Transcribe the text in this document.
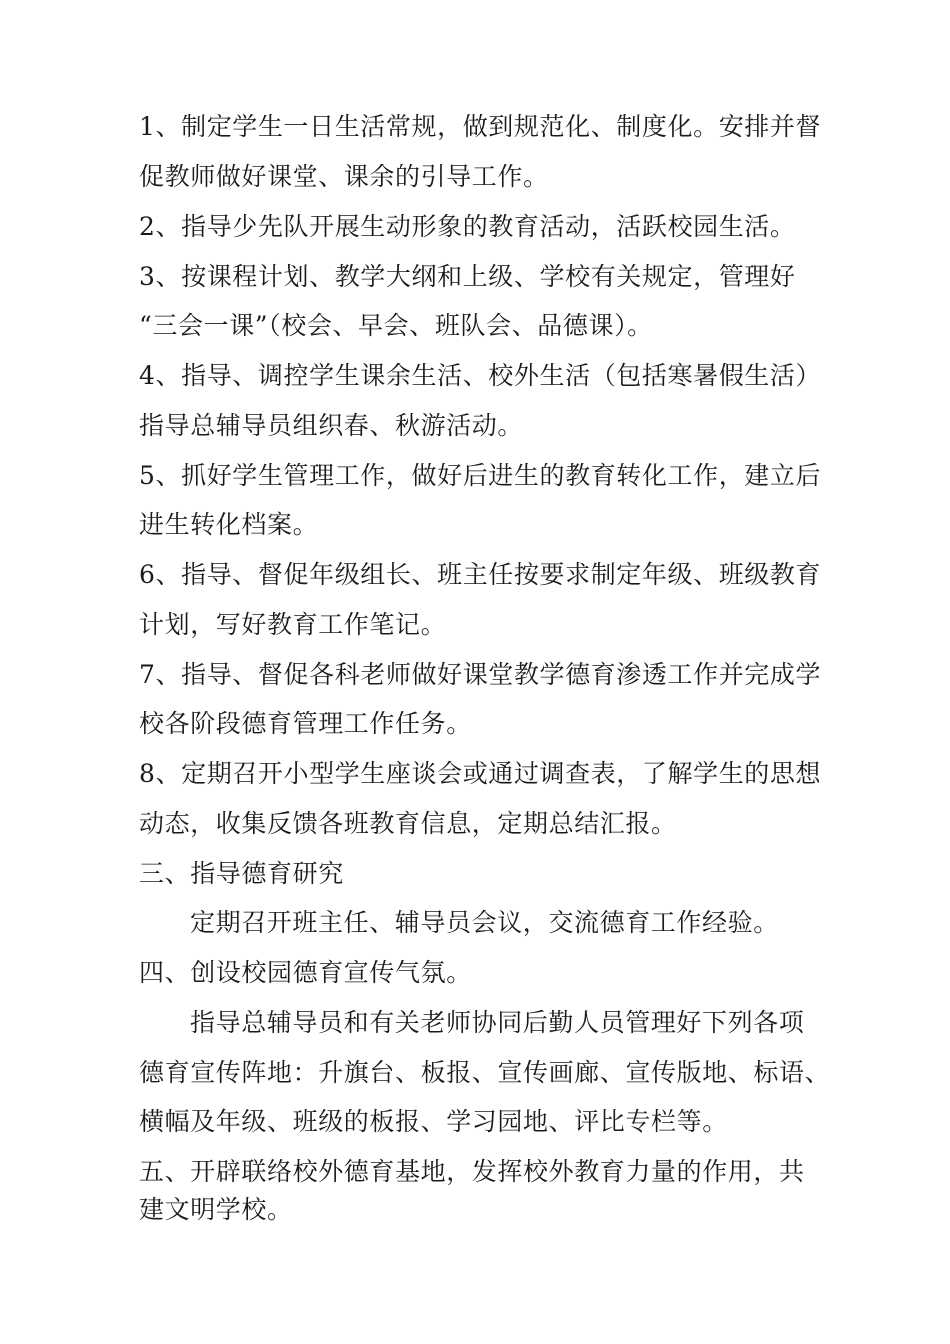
1、制定学生一日生活常规，做到规范化、制度化。安排并督
促教师做好课堂、课余的引导工作。
2、指导少先队开展生动形象的教育活动，活跃校园生活。
3、按课程计划、教学大纲和上级、学校有关规定，管理好
“三会一课”（校会、早会、班队会、品德课）。
4、指导、调控学生课余生活、校外生活（包括寒暑假生活）
指导总辅导员组织春、秋游活动。
5、抓好学生管理工作，做好后进生的教育转化工作，建立后
进生转化档案。
6、指导、督促年级组长、班主任按要求制定年级、班级教育
计划，写好教育工作笔记。
7、指导、督促各科老师做好课堂教学德育渗透工作并完成学
校各阶段德育管理工作任务。
8、定期召开小型学生座谈会或通过调查表，了解学生的思想
动态，收集反馈各班教育信息，定期总结汇报。
三、指导德育研究
定期召开班主任、辅导员会议，交流德育工作经验。
四、创设校园德育宣传气氛。
指导总辅导员和有关老师协同后勤人员管理好下列各项
德育宣传阵地：升旗台、板报、宣传画廊、宣传版地、标语、
横幅及年级、班级的板报、学习园地、评比专栏等。
五、开辟联络校外德育基地，发挥校外教育力量的作用，共
建文明学校。
